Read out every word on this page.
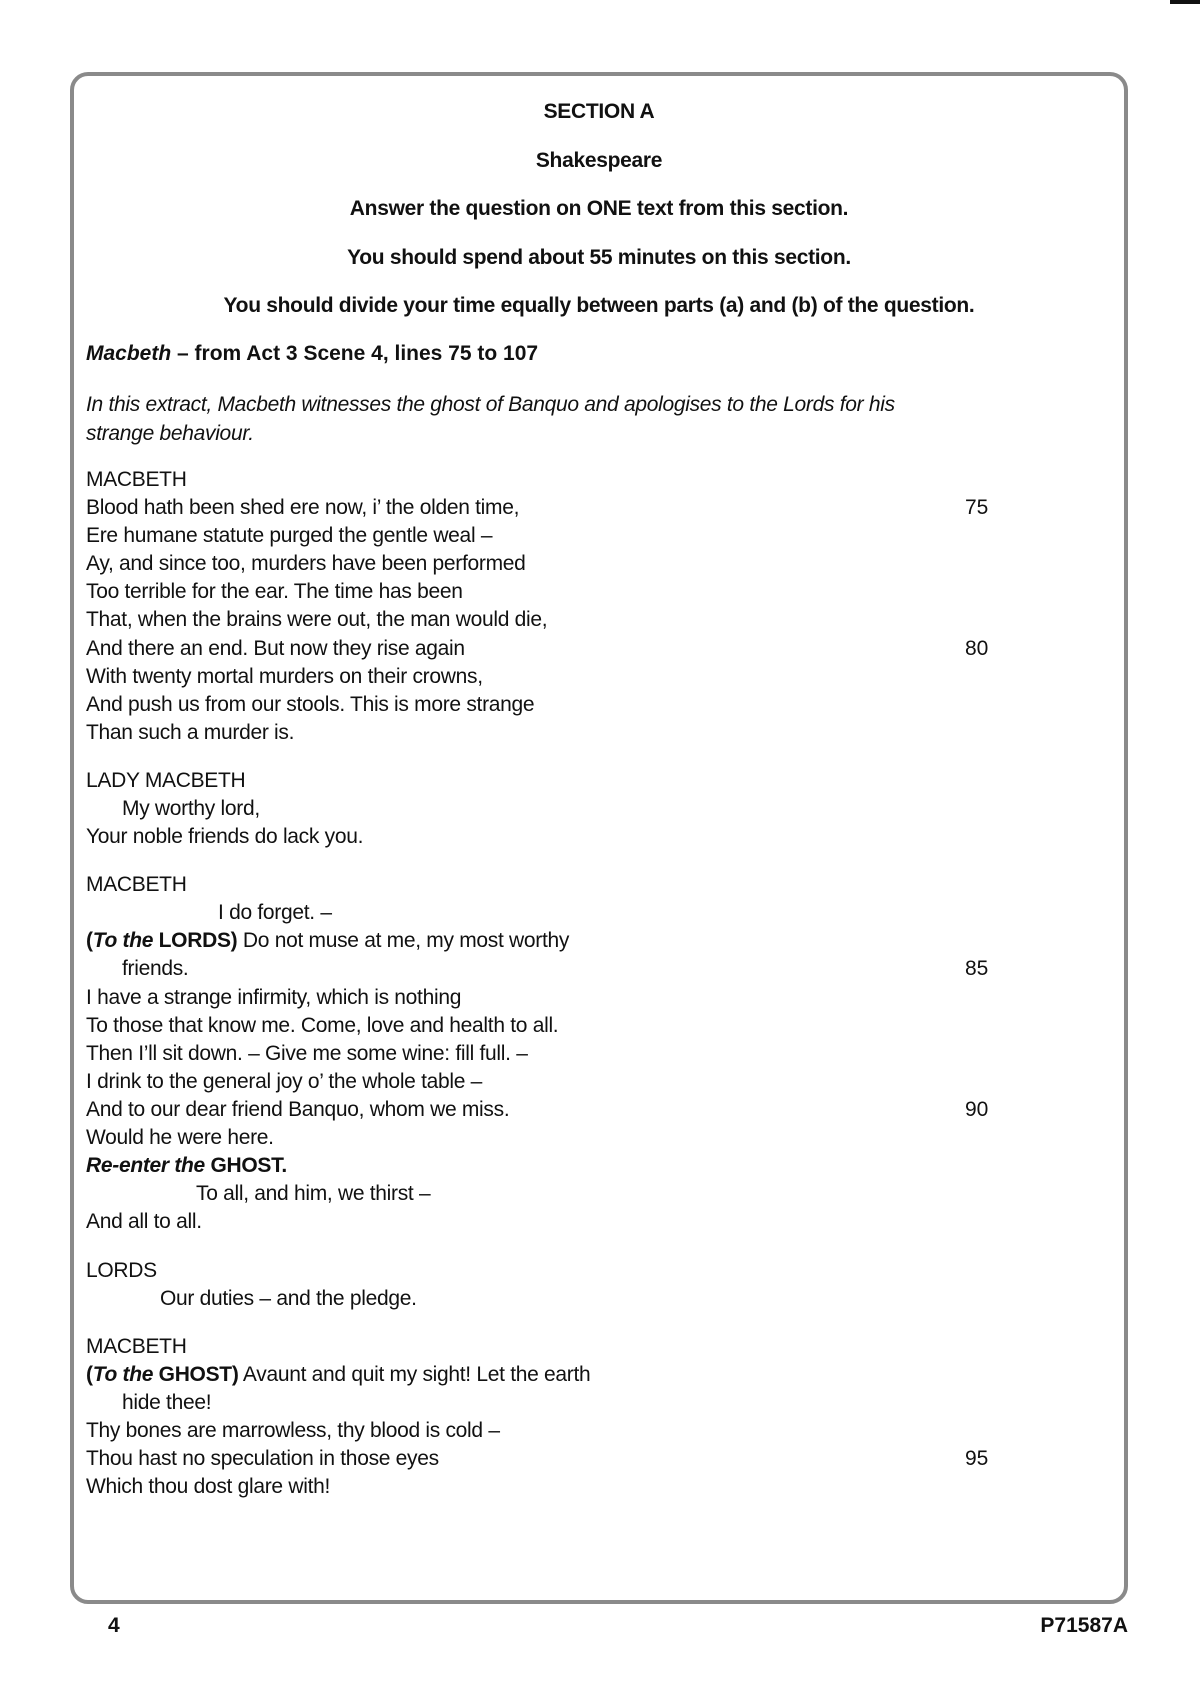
SECTION A
Shakespeare
Answer the question on ONE text from this section.
You should spend about 55 minutes on this section.
You should divide your time equally between parts (a) and (b) of the question.
Macbeth – from Act 3 Scene 4, lines 75 to 107
In this extract, Macbeth witnesses the ghost of Banquo and apologises to the Lords for his strange behaviour.
MACBETH
Blood hath been shed ere now, i’ the olden time,	75
Ere humane statute purged the gentle weal –
Ay, and since too, murders have been performed
Too terrible for the ear. The time has been
That, when the brains were out, the man would die,
And there an end. But now they rise again	80
With twenty mortal murders on their crowns,
And push us from our stools. This is more strange
Than such a murder is.
LADY MACBETH
My worthy lord,
Your noble friends do lack you.
MACBETH
I do forget. –
(To the LORDS) Do not muse at me, my most worthy
friends.	85
I have a strange infirmity, which is nothing
To those that know me. Come, love and health to all.
Then I’ll sit down. – Give me some wine: fill full. –
I drink to the general joy o’ the whole table –
And to our dear friend Banquo, whom we miss.	90
Would he were here.
Re-enter the GHOST.
To all, and him, we thirst –
And all to all.
LORDS
Our duties – and the pledge.
MACBETH
(To the GHOST) Avaunt and quit my sight! Let the earth
hide thee!
Thy bones are marrowless, thy blood is cold –
Thou hast no speculation in those eyes	95
Which thou dost glare with!
4	P71587A
